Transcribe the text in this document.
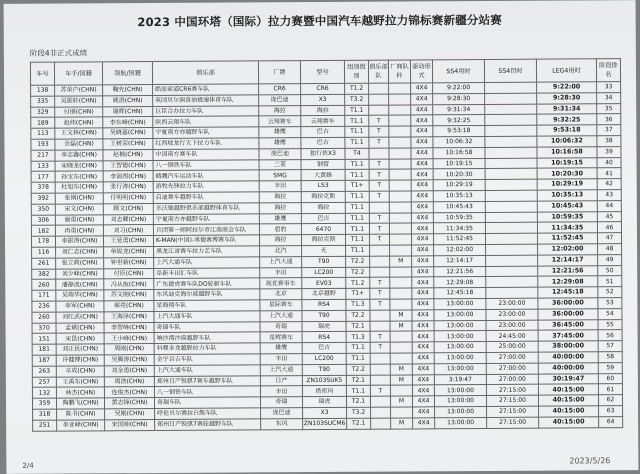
2023 中国环塔（国际）拉力赛暨中国汽车越野拉力锦标赛新疆分站赛
阶段4非正式成绩
车号	车手/国籍	领航/国籍	俱乐部	厂牌	型号	组别级别	俱乐部队	厂商队杯	驱动形式	SS4用时	SS4罚时	LEG4用时	阶段排名
138	苏荣户(CHN)	鞠先(CHN)	皓原索道CR6赛车队	CR6	CR6	T1.2			4X4	9:22:00		9:22:00	33
335	吴振轩(CHN)	姚滔(CHN)	英国贝尔润普油极速体育车队	庞巴迪	X3	T3.2			4X4	9:28:30		9:28:30	34
329	付朋(CHN)	谢晖(CHN)	巨臣合办拉力车队	海拉	海拉	T1.1			4X4	9:31:34		9:31:34	35
189	赵纬(CHN)	李东峰(CHN)	陕西云翔车队	云翔赛车	云翔赛车	T1.1	T		4X4	9:32:25		9:32:25	36
113	王文林(CHN)	吴晓嘉(CHN)	宁夏南方亦越野车队	雄鹰	巴吉	T1.1	T		4X4	9:53:18		9:53:18	37
193	金磊(CHN)	王树荣(CHN)	红西坡龙行天下拉力车队	雄鹰	巴吉	T1.1	T		4X4	10:06:32		10:06:32	38
217	李志鑫(CHN)	赵楠(CHN)	中国南方赛车队	庞巴迪	独行侠X3	T4			4X4	10:16:58		10:16:58	39
133	宋晓龙(CHN)	王智德(CHN)	八一钢铁车队	三菱	钢管	T1.1	T		4X4	10:19:15		10:19:15	40
177	孙宝东(CHN)	李润图(CHN)	鹤魏汽车运动车队	SMG	大黄蜂	T1.1	T		4X4	10:20:30		10:20:30	41
378	杜旭东(CHN)	张行涛(CHN)	游牧先锋拉力车队	丰田	LS3	T1+	T		4X4	10:29:19		10:29:19	42
392	张钢(CHN)	付明明(CHN)	启迪赛车越野车队	海拉	海拉克斯	T1.1	T		4X4	10:35:13		10:35:13	43
350	宋文(CHN)	顾文(CHN)	乐沃驰越野俱乐部越野体育车队	海拉	海拉	T1.1			4X4	10:45:43		10:45:43	44
306	谢勇(CHN)	刘志卿(CHN)	宁夏南方亦越野车队	雄鹰	巴吉	T1.1	T		4X4	10:59:35		10:59:35	45
182	冉勇(CHN)	刘习(CHN)	兵团第一师阿拉尔市江南商会车队	碧豹	6470	T1.1	T		4X4	11:34:35		11:34:35	46
178	李振涛(CHN)	王延勇(CHN)	K-MAN(中国)-承德赛博赛车队	海拉	海拉克斯	T1.1	T		4X4	11:52:45		11:52:45	47
116	刘仁志(CHN)	单锐龙(CHN)	黑龙江省赛车拉力艺车队	北汽	无	T1.1			4X4	12:02:00		12:02:00	48
261	张立政(CHN)	钟世新(CHN)	上汽大通车队	上汽大通	T90	T2.2		M	4X4	12:14:17		12:14:17	49
382	刘少峰(CHN)	付臣(CHN)	阜新丰田汇车队	丰田	LC200	T2.2			4X4	12:21:56		12:21:56	50
260	潘静波(CHN)	冯从航(CHN)	广东捷虎赛车队DO轮驱车队	现优赛事车	EV03	T1.2	T		4X4	12:29:08		12:29:08	51
171	吴瑞华(CHN)	苏文刚(CHN)	东风迪克海尔威越野车队	北京	北京越野	T1+	T		4X4	12:45:18		12:45:18	52
236	李军(CHN)	郝亮(CHN)	星海翔车队	星际赛车	RS4	T1.3	T		4X4	13:00:00	23:00:00	36:00:00	53
260	刘红武(CHN)	王海泽(CHN)	上汽大通车队	上汽大通	T90	T2.2		M	4X4	13:00:00	23:00:00	36:00:00	54
370	孟斌(CHN)	李智峰(CHN)	奇瑞车队	奇瑞	瑞虎	T2.1		M	4X4	13:00:00	23:00:00	36:45:00	55
151	宋昆(CHN)	王小峰(CHN)	响沙湾沙漠越野车队	星辉赛车	RS4	T1.3	T		4X4	13:00:00	24:45:00	37:45:00	56
181	刘正民(CHN)	周刚(CHN)	科穆多龙越野拉力车队	雄鹰	巴吉	T1.1	T		4X4	13:00:00	25:00:00	38:00:00	57
187	许健博(CHN)	吴腾涛(CHN)	金宁百吉车队	丰田	LC200	T1.1			4X4	13:00:00	27:00:00	40:00:00	58
263	辛成(CHN)	刘金勇(CHN)	上汽大通车队	上汽大通	T90	T2.2		M	4X4	13:00:00	27:00:00	40:00:00	59
257	王禹东(CHN)	周浩(CHN)	郑州日产锐骐7赛车越野车队	日产	ZN103SUK5	T2.1		M	4X4	3:19:47	27:00:00	30:19:47	60
132	林杰(CHN)	连俊杰(CHN)	八一钢铁车队	丰田	塔库玛	T1.1	T		4X4	13:00:00	27:15:00	40:15:00	61
359	陶鹏飞(CHN)	黄志锋(CHN)	奇瑞车队	奇瑞	瑞虎	T2.1		M	4X4	13:00:00	27:15:00	40:15:00	62
318	陈书(CHN)	吴刚(CHN)	呼伦贝尔赛拉白熊车队	庞巴迪	X3	T3.2			4X4	13:00:00	27:15:00	40:15:00	63
251	李亚峰(CHN)	宋国帅(CHN)	郑州日产锐骐7赛轮越野车队	东风	ZN103SUCM6	T2.1		M	4X4	13:00:00	27:15:00	40:15:00	64
2/4
2023/5/26
